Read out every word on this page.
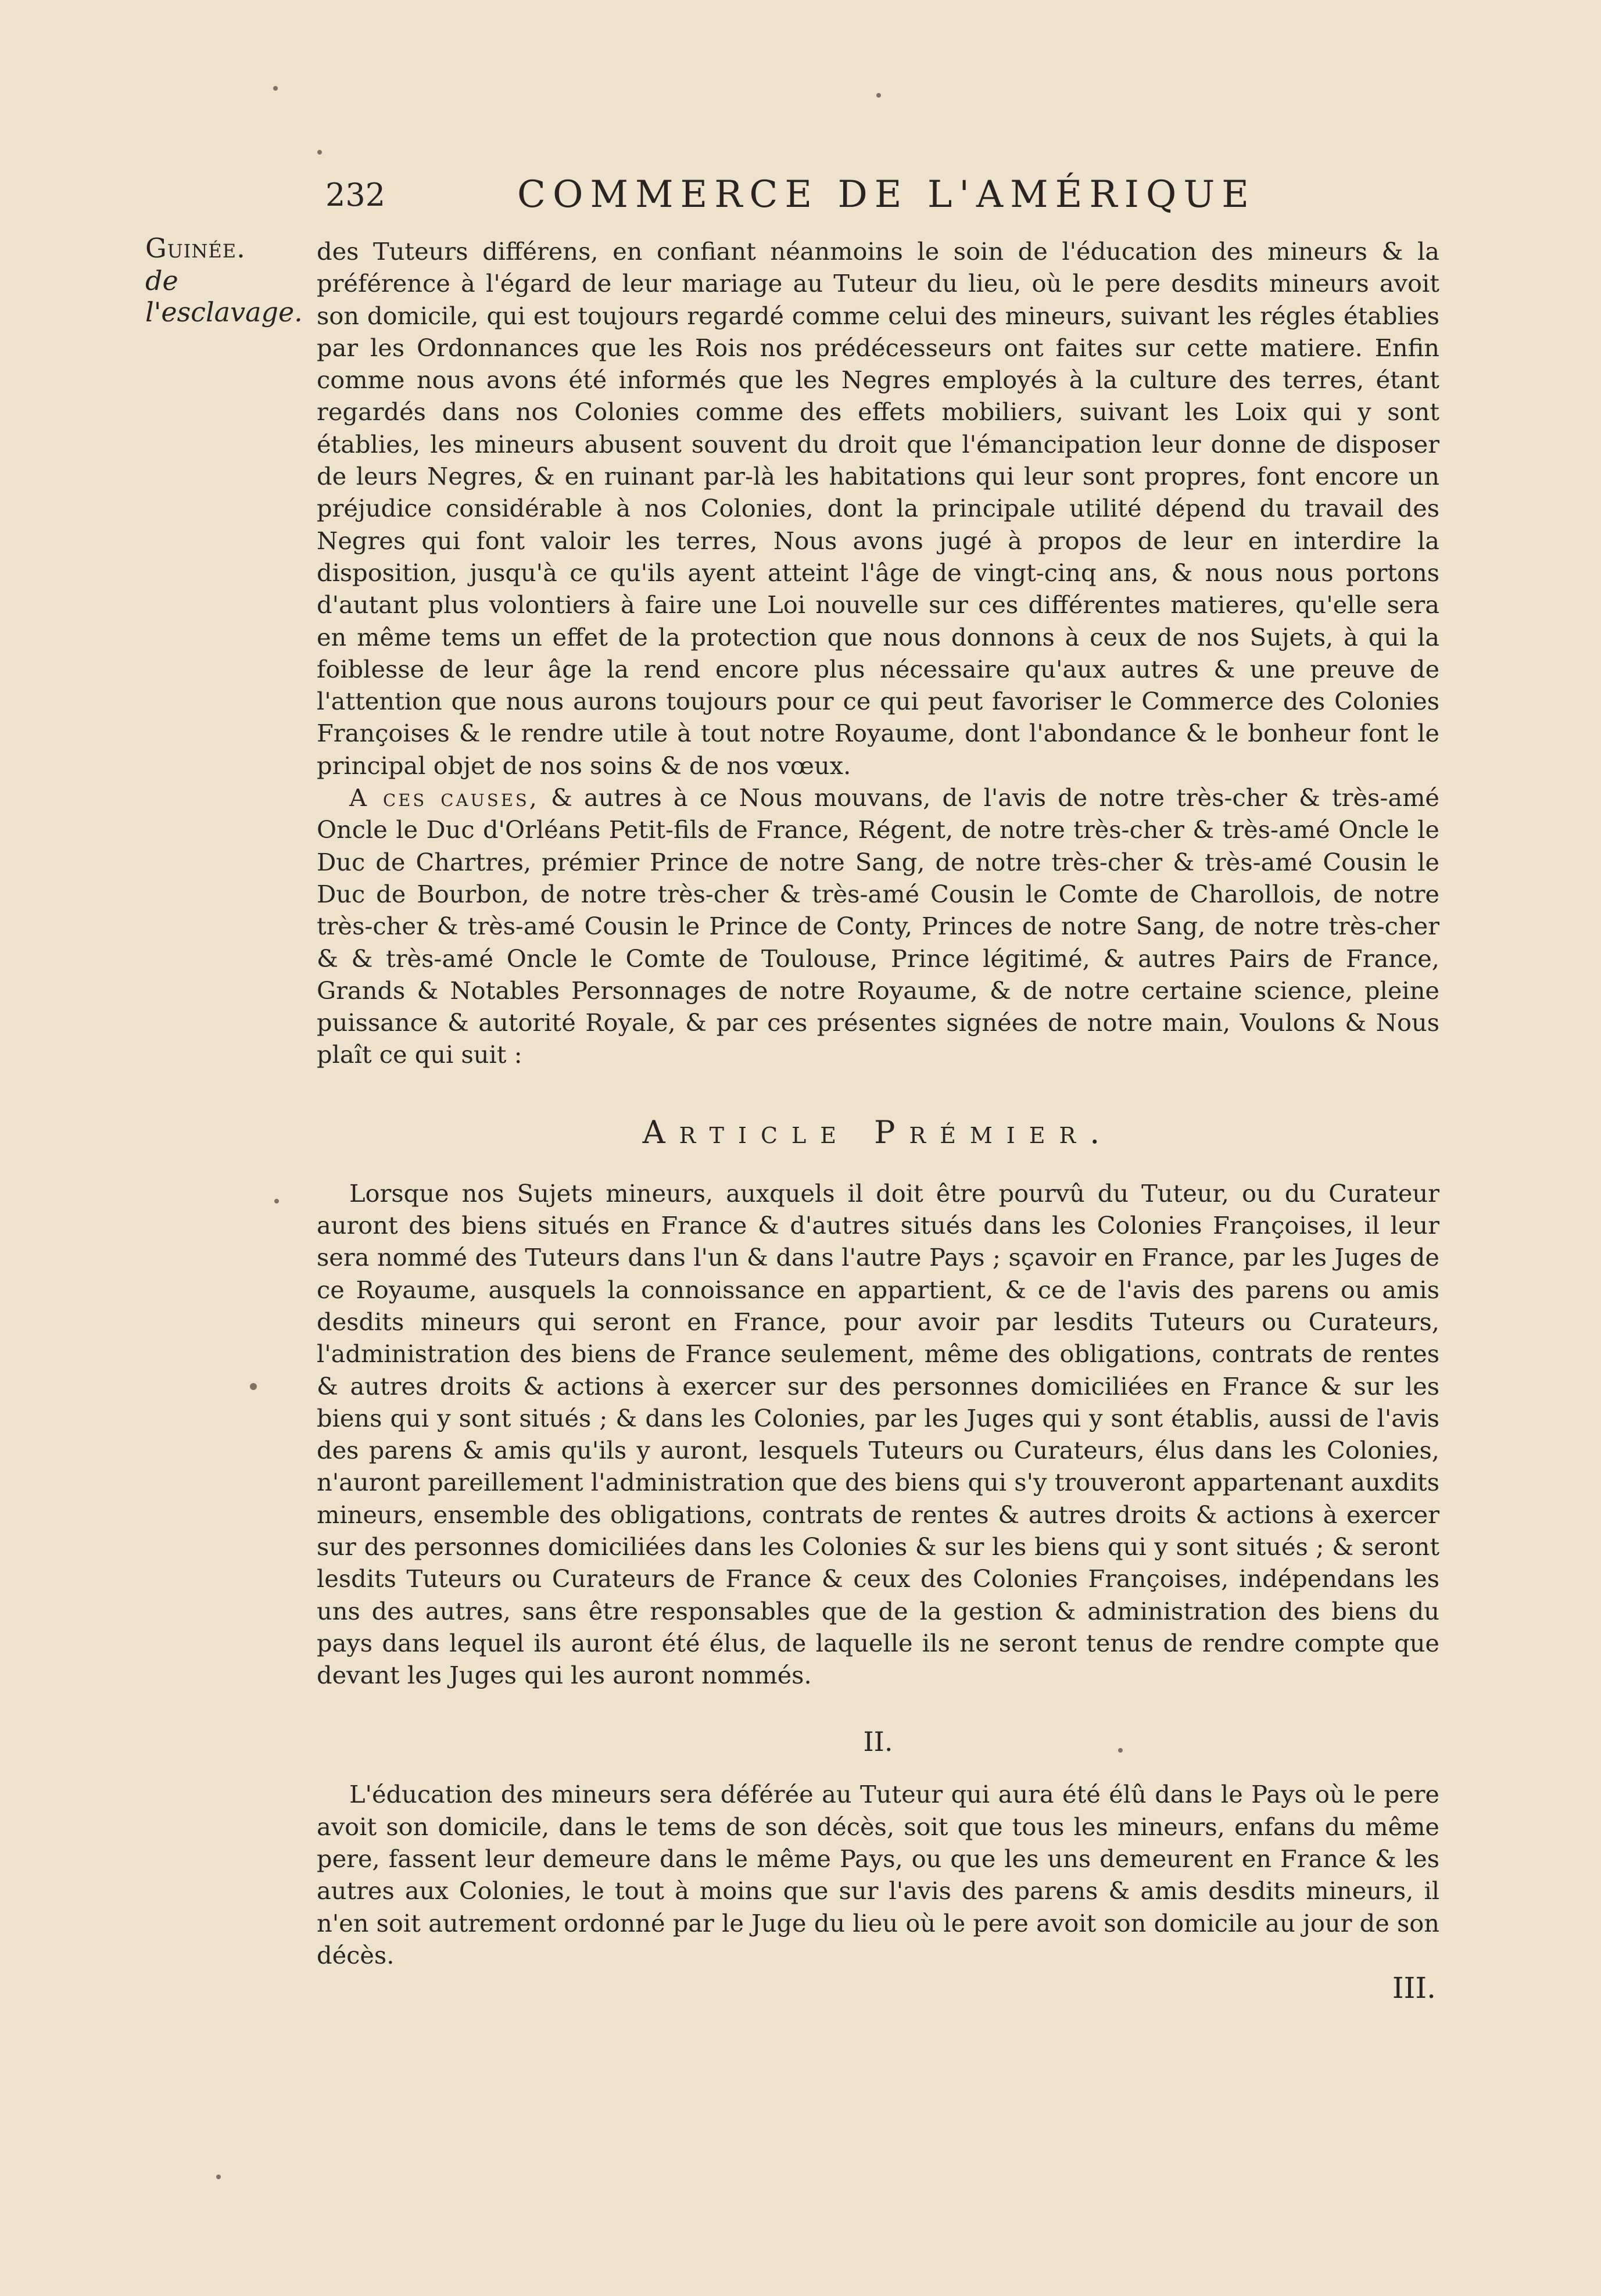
232	COMMERCE DE L'AMÉRIQUE
Guinée.
de l'esclavage.

des Tuteurs différens, en confiant néanmoins le soin de l'éducation des mineurs & la préférence à l'égard de leur mariage au Tuteur du lieu, où le pere desdits mineurs avoit son domicile, qui est toujours regardé comme celui des mineurs, suivant les régles établies par les Ordonnances que les Rois nos prédécesseurs ont faites sur cette matiere. Enfin comme nous avons été informés que les Negres employés à la culture des terres, étant regardés dans nos Colonies comme des effets mobiliers, suivant les Loix qui y sont établies, les mineurs abusent souvent du droit que l'émancipation leur donne de disposer de leurs Negres, & en ruinant par-là les habitations qui leur sont propres, font encore un préjudice considérable à nos Colonies, dont la principale utilité dépend du travail des Negres qui font valoir les terres, Nous avons jugé à propos de leur en interdire la disposition, jusqu'à ce qu'ils ayent atteint l'âge de vingt-cinq ans, & nous nous portons d'autant plus volontiers à faire une Loi nouvelle sur ces différentes matieres, qu'elle sera en même tems un effet de la protection que nous donnons à ceux de nos Sujets, à qui la foiblesse de leur âge la rend encore plus nécessaire qu'aux autres & une preuve de l'attention que nous aurons toujours pour ce qui peut favoriser le Commerce des Colonies Françoises & le rendre utile à tout notre Royaume, dont l'abondance & le bonheur font le principal objet de nos soins & de nos vœux.

A ces causes, & autres à ce Nous mouvans, de l'avis de notre très-cher & très-amé Oncle le Duc d'Orléans Petit-fils de France, Régent, de notre très-cher & très-amé Oncle le Duc de Chartres, prémier Prince de notre Sang, de notre très-cher & très-amé Cousin le Duc de Bourbon, de notre très-cher & très-amé Cousin le Comte de Charollois, de notre très-cher & très-amé Cousin le Prince de Conty, Princes de notre Sang, de notre très-cher & & très-amé Oncle le Comte de Toulouse, Prince légitimé, & autres Pairs de France, Grands & Notables Personnages de notre Royaume, & de notre certaine science, pleine puissance & autorité Royale, & par ces présentes signées de notre main, Voulons & Nous plaît ce qui suit :

Article Prémier.

Lorsque nos Sujets mineurs, auxquels il doit être pourvû du Tuteur, ou du Curateur auront des biens situés en France & d'autres situés dans les Colonies Françoises, il leur sera nommé des Tuteurs dans l'un & dans l'autre Pays ; sçavoir en France, par les Juges de ce Royaume, ausquels la connoissance en appartient, & ce de l'avis des parens ou amis desdits mineurs qui seront en France, pour avoir par lesdits Tuteurs ou Curateurs, l'administration des biens de France seulement, même des obligations, contrats de rentes & autres droits & actions à exercer sur des personnes domiciliées en France & sur les biens qui y sont situés ; & dans les Colonies, par les Juges qui y sont établis, aussi de l'avis des parens & amis qu'ils y auront, lesquels Tuteurs ou Curateurs, élus dans les Colonies, n'auront pareillement l'administration que des biens qui s'y trouveront appartenant auxdits mineurs, ensemble des obligations, contrats de rentes & autres droits & actions à exercer sur des personnes domiciliées dans les Colonies & sur les biens qui y sont situés ; & seront lesdits Tuteurs ou Curateurs de France & ceux des Colonies Françoises, indépendans les uns des autres, sans être responsables que de la gestion & administration des biens du pays dans lequel ils auront été élus, de laquelle ils ne seront tenus de rendre compte que devant les Juges qui les auront nommés.

II.

L'éducation des mineurs sera déférée au Tuteur qui aura été élû dans le Pays où le pere avoit son domicile, dans le tems de son décès, soit que tous les mineurs, enfans du même pere, fassent leur demeure dans le même Pays, ou que les uns demeurent en France & les autres aux Colonies, le tout à moins que sur l'avis des parens & amis desdits mineurs, il n'en soit autrement ordonné par le Juge du lieu où le pere avoit son domicile au jour de son décès.

III.
